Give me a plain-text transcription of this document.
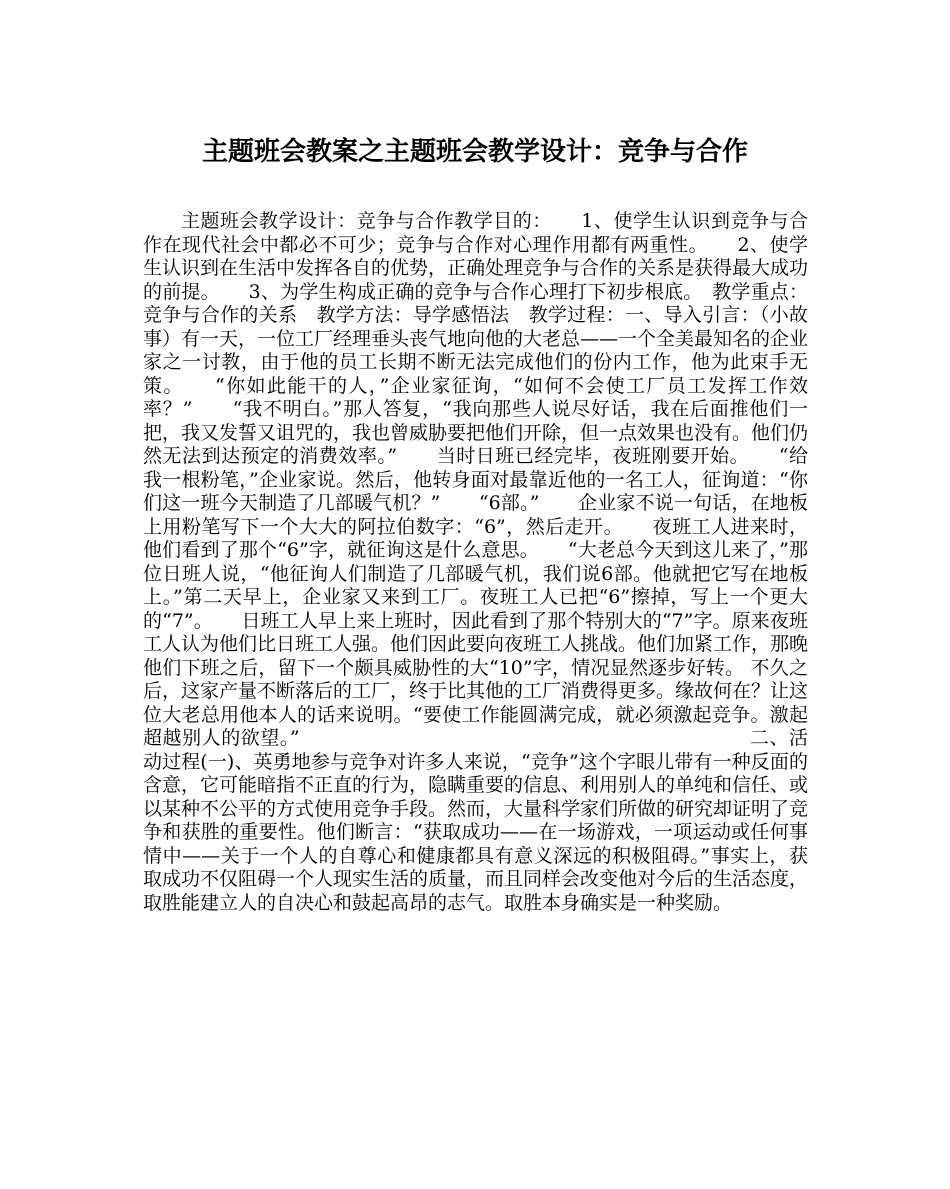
主题班会教案之主题班会教学设计：竞争与合作

主题班会教学设计：竞争与合作教学目的：　　1、使学生认识到竞争与合作在现代社会中都必不可少；竞争与合作对心理作用都有两重性。　　2、使学生认识到在生活中发挥各自的优势，正确处理竞争与合作的关系是获得最大成功的前提。　　3、为学生构成正确的竞争与合作心理打下初步根底。　教学重点：竞争与合作的关系　教学方法：导学感悟法　教学过程：一、导入引言：（小故事）有一天，一位工厂经理垂头丧气地向他的大老总——一个全美最知名的企业家之一讨教，由于他的员工长期不断无法完成他们的份内工作，他为此束手无策。　　“你如此能干的人，”企业家征询，“如何不会使工厂员工发挥工作效率？”　　“我不明白。”那人答复，“我向那些人说尽好话，我在后面推他们一把，我又发誓又诅咒的，我也曾威胁要把他们开除，但一点效果也没有。他们仍然无法到达预定的消费效率。”　　当时日班已经完毕，夜班刚要开始。　　“给我一根粉笔，”企业家说。然后，他转身面对最靠近他的一名工人，征询道：“你们这一班今天制造了几部暖气机？”　　“6部。”　　企业家不说一句话，在地板上用粉笔写下一个大大的阿拉伯数字：“6”，然后走开。　　夜班工人进来时，他们看到了那个“6”字，就征询这是什么意思。　　“大老总今天到这儿来了，”那位日班人说，“他征询人们制造了几部暖气机，我们说6部。他就把它写在地板上。”第二天早上，企业家又来到工厂。夜班工人已把“6”擦掉，写上一个更大的“7”。　　日班工人早上来上班时，因此看到了那个特别大的“7”字。原来夜班工人认为他们比日班工人强。他们因此要向夜班工人挑战。他们加紧工作，那晚他们下班之后，留下一个颇具威胁性的大“10”字，情况显然逐步好转。 不久之后，这家产量不断落后的工厂，终于比其他的工厂消费得更多。缘故何在？让这位大老总用他本人的话来说明。“要使工作能圆满完成，就必须激起竞争。激起超越别人的欲望。”　　　　　　　　　　　　　　　　　　　　　　　二、活动过程(一)、英勇地参与竞争对许多人来说，“竞争”这个字眼儿带有一种反面的含意，它可能暗指不正直的行为，隐瞒重要的信息、利用别人的单纯和信任、或以某种不公平的方式使用竞争手段。然而，大量科学家们所做的研究却证明了竞争和获胜的重要性。他们断言：“获取成功——在一场游戏，一项运动或任何事情中——关于一个人的自尊心和健康都具有意义深远的积极阻碍。”事实上，获取成功不仅阻碍一个人现实生活的质量，而且同样会改变他对今后的生活态度，取胜能建立人的自决心和鼓起高昂的志气。取胜本身确实是一种奖励。
